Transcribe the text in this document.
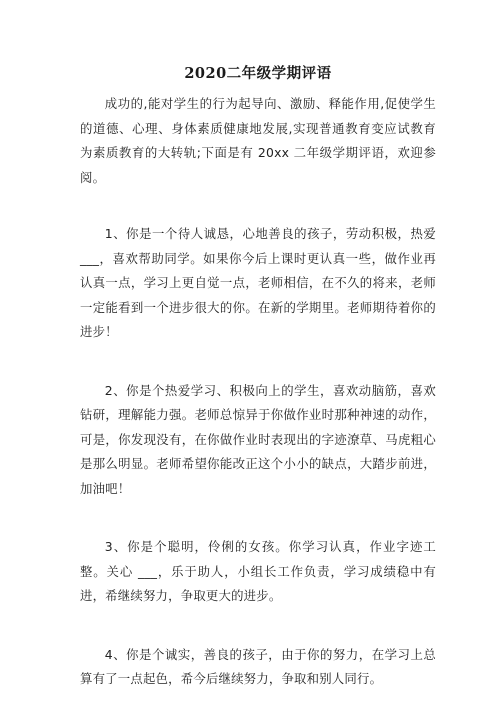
2020二年级学期评语

成功的,能对学生的行为起导向、激励、释能作用,促使学生的道德、心理、身体素质健康地发展,实现普通教育变应试教育为素质教育的大转轨;下面是有 20xx 二年级学期评语，欢迎参阅。

1、你是一个待人诚恳，心地善良的孩子，劳动积极，热爱 ___，喜欢帮助同学。如果你今后上课时更认真一些，做作业再认真一点，学习上更自觉一点，老师相信，在不久的将来，老师一定能看到一个进步很大的你。在新的学期里。老师期待着你的进步！

2、你是个热爱学习、积极向上的学生，喜欢动脑筋，喜欢钻研，理解能力强。老师总惊异于你做作业时那种神速的动作，可是，你发现没有，在你做作业时表现出的字迹潦草、马虎粗心是那么明显。老师希望你能改正这个小小的缺点，大踏步前进，加油吧！

3、你是个聪明，伶俐的女孩。你学习认真，作业字迹工整。关心 ___，乐于助人，小组长工作负责，学习成绩稳中有进，希继续努力，争取更大的进步。

4、你是个诚实，善良的孩子，由于你的努力，在学习上总算有了一点起色，希今后继续努力，争取和别人同行。
